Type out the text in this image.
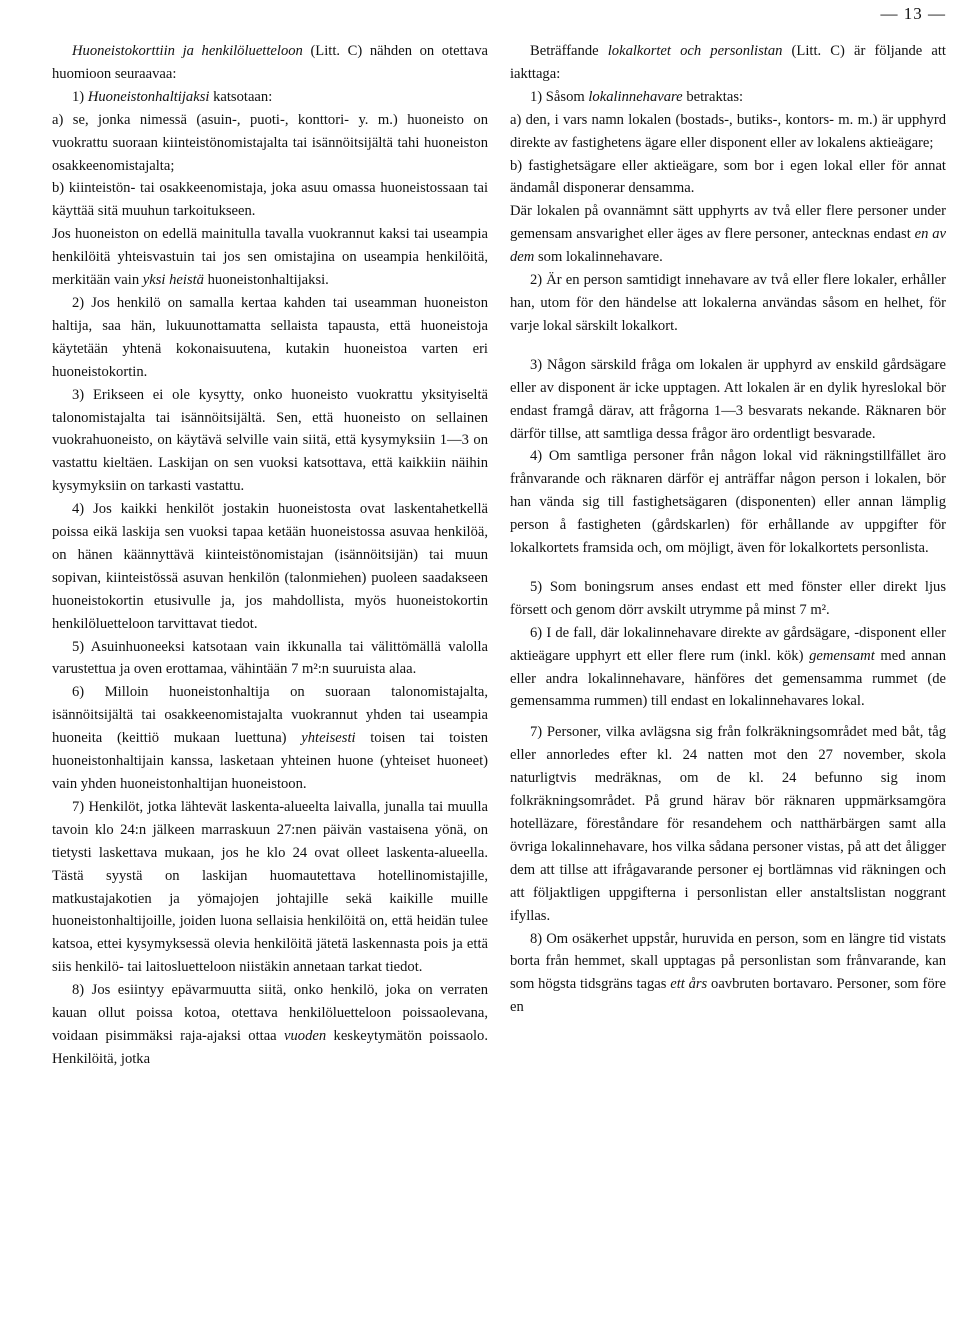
— 13 —

Huoneistokorttiin ja henkilöluetteloon (Litt. C) nähden on otettava huomioon seuraavaa:

1) Huoneistonhaltijaksi katsotaan:

a) se, jonka nimessä (asuin-, puoti-, konttori- y. m.) huoneisto on vuokrattu suoraan kiinteistönomistajalta tai isännöitsijältä tahi huoneiston osakkeenomistajalta;

b) kiinteistön- tai osakkeenomistaja, joka asuu omassa huoneistossaan tai käyttää sitä muuhun tarkoitukseen.

Jos huoneiston on edellä mainitulla tavalla vuokrannut kaksi tai useampia henkilöitä yhteisvastuin tai jos sen omistajina on useampia henkilöitä, merkitään vain yksi heistä huoneistonhaltijaksi.

2) Jos henkilö on samalla kertaa kahden tai useamman huoneiston haltija, saa hän, lukuunottamatta sellaista tapausta, että huoneistoja käytetään yhtenä kokonaisuutena, kutakin huoneistoa varten eri huoneistokortin.

3) Erikseen ei ole kysytty, onko huoneisto vuokrattu yksityiseltä talonomistajalta tai isännöitsijältä. Sen, että huoneisto on sellainen vuokrahuoneisto, on käytävä selville vain siitä, että kysymyksiin 1—3 on vastattu kieltäen. Laskijan on sen vuoksi katsottava, että kaikkiin näihin kysymyksiin on tarkasti vastattu.

4) Jos kaikki henkilöt jostakin huoneistosta ovat laskentahetkellä poissa eikä laskija sen vuoksi tapaa ketään huoneistossa asuvaa henkilöä, on hänen käännyttävä kiinteistönomistajan (isännöitsijän) tai muun sopivan, kiinteistössä asuvan henkilön (talonmiehen) puoleen saadakseen huoneistokortin etusivulle ja, jos mahdollista, myös huoneistokortin henkilöluetteloon tarvittavat tiedot.

5) Asuinhuoneeksi katsotaan vain ikkunalla tai välittömällä valolla varustettua ja oven erottamaa, vähintään 7 m²:n suuruista alaa.

6) Milloin huoneistonhaltija on suoraan talonomistajalta, isännöitsijältä tai osakkeenomistajalta vuokrannut yhden tai useampia huoneita (keittiö mukaan luettuna) yhteisesti toisen tai toisten huoneistonhaltijain kanssa, lasketaan yhteinen huone (yhteiset huoneet) vain yhden huoneistonhaltijan huoneistoon.

7) Henkilöt, jotka lähtevät laskenta-alueelta laivalla, junalla tai muulla tavoin klo 24:n jälkeen marraskuun 27:nen päivän vastaisena yönä, on tietysti laskettava mukaan, jos he klo 24 ovat olleet laskenta-alueella. Tästä syystä on laskijan huomautettava hotellinomistajille, matkustajakotien ja yömajojen johtajille sekä kaikille muille huoneistonhaltijoille, joiden luona sellaisia henkilöitä on, että heidän tulee katsoa, ettei kysymyksessä olevia henkilöitä jätetä laskennasta pois ja että siis henkilö- tai laitosluetteloon niistäkin annetaan tarkat tiedot.

8) Jos esiintyy epävarmuutta siitä, onko henkilö, joka on verraten kauan ollut poissa kotoa, otettava henkilöluetteloon poissaolevana, voidaan pisimmäksi raja-ajaksi ottaa vuoden keskeytymätön poissaolo. Henkilöitä, jotka

Beträffande lokalkortet och personlistan (Litt. C) är följande att iakttaga:

1) Såsom lokalinnehavare betraktas:

a) den, i vars namn lokalen (bostads-, butiks-, kontors- m. m.) är upphyrd direkte av fastighetens ägare eller disponent eller av lokalens aktieägare;

b) fastighetsägare eller aktieägare, som bor i egen lokal eller för annat ändamål disponerar densamma.

Där lokalen på ovannämnt sätt upphyrts av två eller flere personer under gemensam ansvarighet eller äges av flere personer, antecknas endast en av dem som lokalinnehavare.

2) Är en person samtidigt innehavare av två eller flere lokaler, erhåller han, utom för den händelse att lokalerna användas såsom en helhet, för varje lokal särskilt lokalkort.

3) Någon särskild fråga om lokalen är upphyrd av enskild gårdsägare eller av disponent är icke upptagen. Att lokalen är en dylik hyreslokal bör endast framgå därav, att frågorna 1—3 besvarats nekande. Räknaren bör därför tillse, att samtliga dessa frågor äro ordentligt besvarade.

4) Om samtliga personer från någon lokal vid räkningstillfället äro frånvarande och räknaren därför ej anträffar någon person i lokalen, bör han vända sig till fastighetsägaren (disponenten) eller annan lämplig person å fastigheten (gårdskarlen) för erhållande av uppgifter för lokalkortets framsida och, om möjligt, även för lokalkortets personlista.

5) Som boningsrum anses endast ett med fönster eller direkt ljus försett och genom dörr avskilt utrymme på minst 7 m².

6) I de fall, där lokalinnehavare direkte av gårdsägare, -disponent eller aktieägare upphyrt ett eller flere rum (inkl. kök) gemensamt med annan eller andra lokalinnehavare, hänföres det gemensamma rummet (de gemensamma rummen) till endast en lokalinnehavares lokal.

7) Personer, vilka avlägsna sig från folkräkningsområdet med båt, tåg eller annorledes efter kl. 24 natten mot den 27 november, skola naturligtvis medräknas, om de kl. 24 befunno sig inom folkräkningsområdet. På grund härav bör räknaren uppmärksamgöra hotelläzare, föreståndare för resandehem och natthärbärgen samt alla övriga lokalinnehavare, hos vilka sådana personer vistas, på att det åligger dem att tillse att ifrågavarande personer ej bortlämnas vid räkningen och att följaktligen uppgifterna i personlistan eller anstaltslistan noggrant ifyllas.

8) Om osäkerhet uppstår, huruvida en person, som en längre tid vistats borta från hemmet, skall upptagas på personlistan som frånvarande, kan som högsta tidsgräns tagas ett års oavbruten bortavaro. Personer, som före en
